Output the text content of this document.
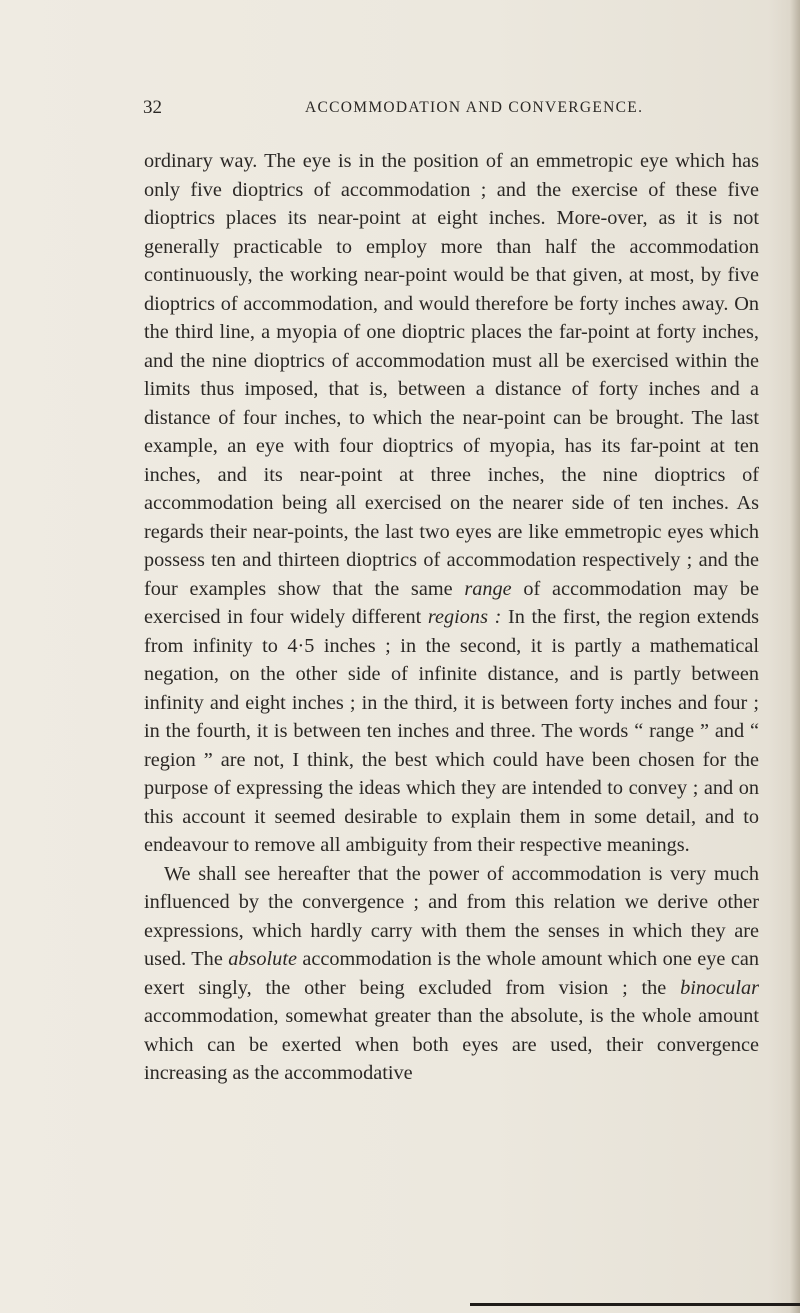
32	ACCOMMODATION AND CONVERGENCE.

ordinary way. The eye is in the position of an emmetropic eye which has only five dioptrics of accommodation ; and the exercise of these five dioptrics places its near-point at eight inches. More-over, as it is not generally practicable to employ more than half the accommodation continuously, the working near-point would be that given, at most, by five dioptrics of accommodation, and would therefore be forty inches away. On the third line, a myopia of one dioptric places the far-point at forty inches, and the nine dioptrics of accommodation must all be exercised within the limits thus imposed, that is, between a distance of forty inches and a distance of four inches, to which the near-point can be brought. The last example, an eye with four dioptrics of myopia, has its far-point at ten inches, and its near-point at three inches, the nine dioptrics of accommodation being all exercised on the nearer side of ten inches. As regards their near-points, the last two eyes are like emmetropic eyes which possess ten and thirteen dioptrics of accommodation respectively ; and the four examples show that the same range of accommodation may be exercised in four widely different regions : In the first, the region extends from infinity to 4·5 inches ; in the second, it is partly a mathematical negation, on the other side of infinite distance, and is partly between infinity and eight inches ; in the third, it is between forty inches and four ; in the fourth, it is between ten inches and three. The words “ range ” and “ region ” are not, I think, the best which could have been chosen for the purpose of expressing the ideas which they are intended to convey ; and on this account it seemed desirable to explain them in some detail, and to endeavour to remove all ambiguity from their respective meanings.

We shall see hereafter that the power of accommodation is very much influenced by the convergence ; and from this relation we derive other expressions, which hardly carry with them the senses in which they are used. The absolute accommodation is the whole amount which one eye can exert singly, the other being excluded from vision ; the binocular accommodation, somewhat greater than the absolute, is the whole amount which can be exerted when both eyes are used, their convergence increasing as the accommodative
